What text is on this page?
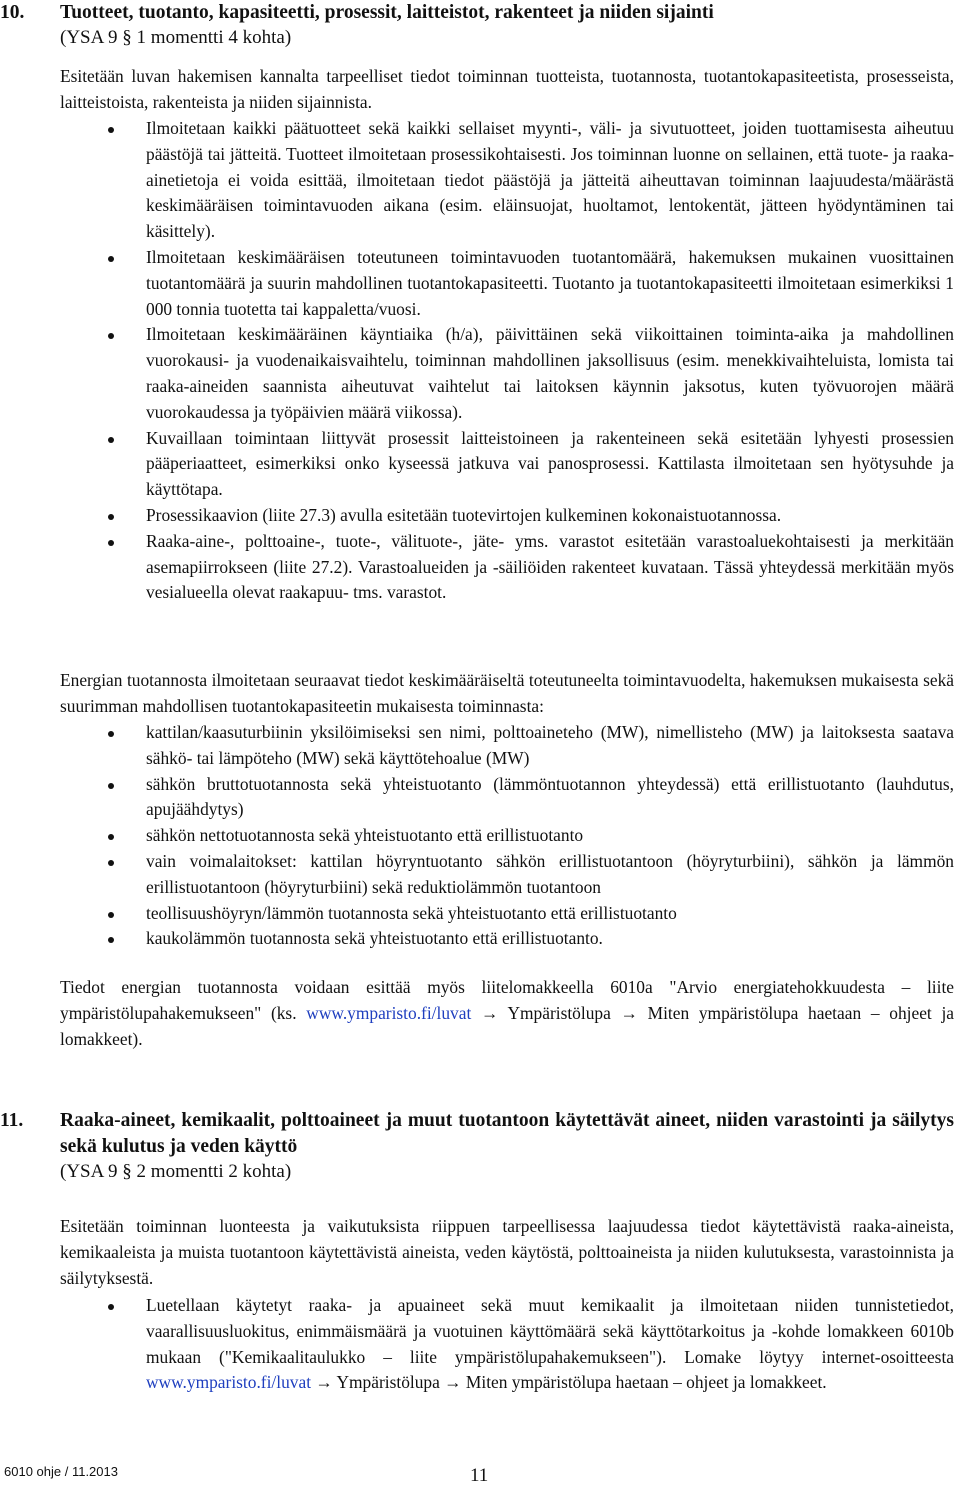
10. Tuotteet, tuotanto, kapasiteetti, prosessit, laitteistot, rakenteet ja niiden sijainti
(YSA 9 § 1 momentti 4 kohta)

Esitetään luvan hakemisen kannalta tarpeelliset tiedot toiminnan tuotteista, tuotannosta, tuotantokapasiteetista, prosesseista, laitteistoista, rakenteista ja niiden sijainnista.

Ilmoitetaan kaikki päätuotteet sekä kaikki sellaiset myynti-, väli- ja sivutuotteet, joiden tuottamisesta aiheutuu päästöjä tai jätteitä. Tuotteet ilmoitetaan prosessikohtaisesti. Jos toiminnan luonne on sellainen, että tuote- ja raaka-ainetietoja ei voida esittää, ilmoitetaan tiedot päästöjä ja jätteitä aiheuttavan toiminnan laajuudesta/määrästä keskimääräisen toimintavuoden aikana (esim. eläinsuojat, huoltamot, lentokentät, jätteen hyödyntäminen tai käsittely).
Ilmoitetaan keskimääräisen toteutuneen toimintavuoden tuotantomäärä, hakemuksen mukainen vuosittainen tuotantomäärä ja suurin mahdollinen tuotantokapasiteetti. Tuotanto ja tuotantokapasiteetti ilmoitetaan esimerkiksi 1 000 tonnia tuotetta tai kappaletta/vuosi.
Ilmoitetaan keskimääräinen käyntiaika (h/a), päivittäinen sekä viikoittainen toiminta-aika ja mahdollinen vuorokausi- ja vuodenaikaisvaihtelu, toiminnan mahdollinen jaksollisuus (esim. menekkivaihteluista, lomista tai raaka-aineiden saannista aiheutuvat vaihtelut tai laitoksen käynnin jaksotus, kuten työvuorojen määrä vuorokaudessa ja työpäivien määrä viikossa).
Kuvaillaan toimintaan liittyvät prosessit laitteistoineen ja rakenteineen sekä esitetään lyhyesti prosessien pääperiaatteet, esimerkiksi onko kyseessä jatkuva vai panosprosessi. Kattilasta ilmoitetaan sen hyötysuhde ja käyttötapa.
Prosessikaavion (liite 27.3) avulla esitetään tuotevirtojen kulkeminen kokonaistuotannossa.
Raaka-aine-, polttoaine-, tuote-, välituote-, jäte- yms. varastot esitetään varastoaluekohtaisesti ja merkitään asemapiirrokseen (liite 27.2). Varastoalueiden ja -säiliöiden rakenteet kuvataan. Tässä yhteydessä merkitään myös vesialueella olevat raakapuu- tms. varastot.

Energian tuotannosta ilmoitetaan seuraavat tiedot keskimääräiseltä toteutuneelta toimintavuodelta, hakemuksen mukaisesta sekä suurimman mahdollisen tuotantokapasiteetin mukaisesta toiminnasta:

kattilan/kaasuturbiinin yksilöimiseksi sen nimi, polttoaineteho (MW), nimellisteho (MW) ja laitoksesta saatava sähkö- tai lämpöteho (MW) sekä käyttötehoalue (MW)
sähkön bruttotuotannosta sekä yhteistuotanto (lämmöntuotannon yhteydessä) että erillistuotanto (lauhdutus, apujäähdytys)
sähkön nettotuotannosta sekä yhteistuotanto että erillistuotanto
vain voimalaitokset: kattilan höyryntuotanto sähkön erillistuotantoon (höyryturbiini), sähkön ja lämmön erillistuotantoon (höyryturbiini) sekä reduktiolämmön tuotantoon
teollisuushöyryn/lämmön tuotannosta sekä yhteistuotanto että erillistuotanto
kaukolämmön tuotannosta sekä yhteistuotanto että erillistuotanto.

Tiedot energian tuotannosta voidaan esittää myös liitelomakkeella 6010a "Arvio energiatehokkuudesta – liite ympäristölupahakemukseen" (ks. www.ymparisto.fi/luvat → Ympäristölupa → Miten ympäristölupa haetaan – ohjeet ja lomakkeet).

11. Raaka-aineet, kemikaalit, polttoaineet ja muut tuotantoon käytettävät aineet, niiden varastointi ja säilytys sekä kulutus ja veden käyttö
(YSA 9 § 2 momentti 2 kohta)

Esitetään toiminnan luonteesta ja vaikutuksista riippuen tarpeellisessa laajuudessa tiedot käytettävistä raaka-aineista, kemikaaleista ja muista tuotantoon käytettävistä aineista, veden käytöstä, polttoaineista ja niiden kulutuksesta, varastoinnista ja säilytyksestä.

Luetellaan käytetyt raaka- ja apuaineet sekä muut kemikaalit ja ilmoitetaan niiden tunnistetiedot, vaarallisuusluokitus, enimmäismäärä ja vuotuinen käyttömäärä sekä käyttötarkoitus ja -kohde lomakkeen 6010b mukaan ("Kemikaalitaulukko – liite ympäristölupahakemukseen"). Lomake löytyy internet-osoitteesta www.ymparisto.fi/luvat → Ympäristölupa → Miten ympäristölupa haetaan – ohjeet ja lomakkeet.
6010 ohje / 11.2013	11
